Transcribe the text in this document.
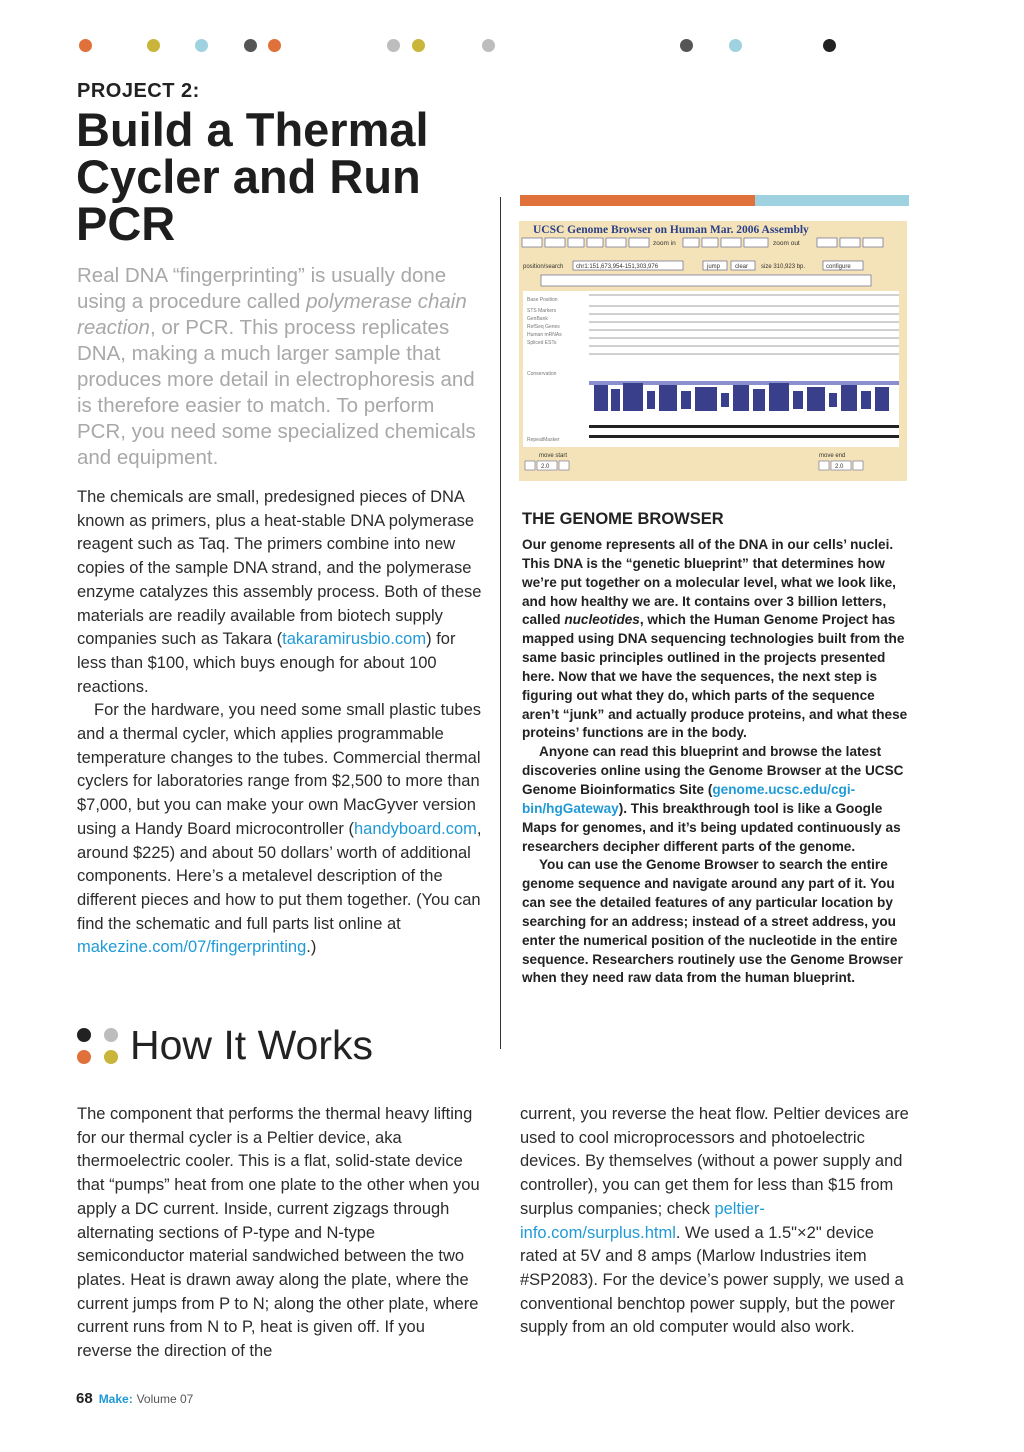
PROJECT 2:
Build a Thermal Cycler and Run PCR
Real DNA “fingerprinting” is usually done using a procedure called polymerase chain reaction, or PCR. This process replicates DNA, making a much larger sample that produces more detail in electrophoresis and is therefore easier to match. To perform PCR, you need some specialized chemicals and equipment.

The chemicals are small, predesigned pieces of DNA known as primers, plus a heat-stable DNA polymerase reagent such as Taq. The primers combine into new copies of the sample DNA strand, and the polymerase enzyme catalyzes this assembly process. Both of these materials are readily available from biotech supply companies such as Takara (takaramirusbio.com) for less than $100, which buys enough for about 100 reactions.

For the hardware, you need some small plastic tubes and a thermal cycler, which applies programmable temperature changes to the tubes. Commercial thermal cyclers for laboratories range from $2,500 to more than $7,000, but you can make your own MacGyver version using a Handy Board microcontroller (handyboard.com, around $225) and about 50 dollars’ worth of additional components. Here’s a metalevel description of the different pieces and how to put them together. (You can find the schematic and full parts list online at makezine.com/07/fingerprinting.)

UCSC Genome Browser on Human Mar. 2006 Assembly
zoom in	zoom out
position/search chr1:151,673,954-151,303,976	jump clear size 310,923 bp.	configure
Base Position
STS Markers
GenBank
RefSeq Genes
Human mRNAs
Spliced ESTs
Conservation
RepeatMasker
move start	move end
2.0	2.0
THE GENOME BROWSER

Our genome represents all of the DNA in our cells’ nuclei. This DNA is the “genetic blueprint” that determines how we’re put together on a molecular level, what we look like, and how healthy we are. It contains over 3 billion letters, called nucleotides, which the Human Genome Project has mapped using DNA sequencing technologies built from the same basic principles outlined in the projects presented here. Now that we have the sequences, the next step is figuring out what they do, which parts of the sequence aren’t “junk” and actually produce proteins, and what these proteins’ functions are in the body.

Anyone can read this blueprint and browse the latest discoveries online using the Genome Browser at the UCSC Genome Bioinformatics Site (genome.ucsc.edu/cgi-bin/hgGateway). This breakthrough tool is like a Google Maps for genomes, and it’s being updated continuously as researchers decipher different parts of the genome.

You can use the Genome Browser to search the entire genome sequence and navigate around any part of it. You can see the detailed features of any particular location by searching for an address; instead of a street address, you enter the numerical position of the nucleotide in the entire sequence. Researchers routinely use the Genome Browser when they need raw data from the human blueprint.

How It Works

The component that performs the thermal heavy lifting for our thermal cycler is a Peltier device, aka thermoelectric cooler. This is a flat, solid-state device that “pumps” heat from one plate to the other when you apply a DC current. Inside, current zigzags through alternating sections of P-type and N-type semiconductor material sandwiched between the two plates. Heat is drawn away along the plate, where the current jumps from P to N; along the other plate, where current runs from N to P, heat is given off. If you reverse the direction of the

current, you reverse the heat flow. Peltier devices are used to cool microprocessors and photoelectric devices. By themselves (without a power supply and controller), you can get them for less than $15 from surplus companies; check peltier-info.com/surplus.html. We used a 1.5"×2" device rated at 5V and 8 amps (Marlow Industries item #SP2083). For the device’s power supply, we used a conventional benchtop power supply, but the power supply from an old computer would also work.

68 Make: Volume 07
